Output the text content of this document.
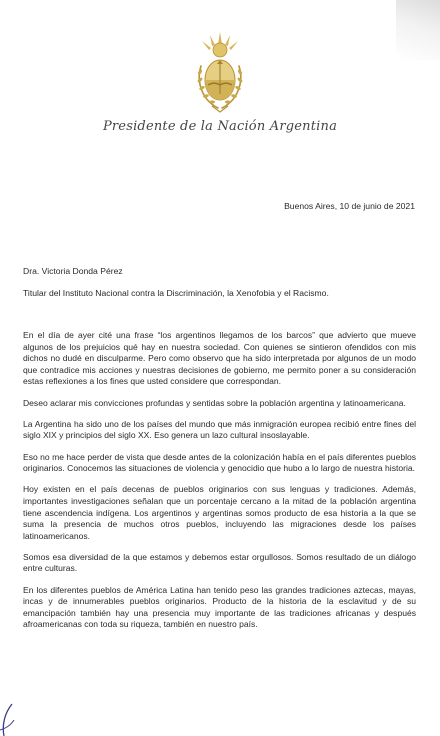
Presidente de la Nación Argentina
Buenos Aires, 10 de junio de 2021
Dra. Victoria Donda Pérez
Titular del Instituto Nacional contra la Discriminación, la Xenofobia y el Racismo.

En el día de ayer cité una frase “los argentinos llegamos de los barcos” que advierto que mueve algunos de los prejuicios qué hay en nuestra sociedad. Con quienes se sintieron ofendidos con mis dichos no dudé en disculparme. Pero como observo que ha sido interpretada por algunos de un modo que contradice mis acciones y nuestras decisiones de gobierno, me permito poner a su consideración estas reflexiones a los fines que usted considere que correspondan.

Deseo aclarar mis convicciones profundas y sentidas sobre la población argentina y latinoamericana.

La Argentina ha sido uno de los países del mundo que más inmigración europea recibió entre fines del siglo XIX y principios del siglo XX. Eso genera un lazo cultural insoslayable.

Eso no me hace perder de vista que desde antes de la colonización había en el país diferentes pueblos originarios. Conocemos las situaciones de violencia y genocidio que hubo a lo largo de nuestra historia.

Hoy existen en el país decenas de pueblos originarios con sus lenguas y tradiciones. Además, importantes investigaciones señalan que un porcentaje cercano a la mitad de la población argentina tiene ascendencia indígena. Los argentinos y argentinas somos producto de esa historia a la que se suma la presencia de muchos otros pueblos, incluyendo las migraciones desde los países latinoamericanos.

Somos esa diversidad de la que estamos y debemos estar orgullosos. Somos resultado de un diálogo entre culturas.

En los diferentes pueblos de América Latina han tenido peso las grandes tradiciones aztecas, mayas, incas y de innumerables pueblos originarios. Producto de la historia de la esclavitud y de su emancipación también hay una presencia muy importante de las tradiciones africanas y después afroamericanas con toda su riqueza, también en nuestro país.
